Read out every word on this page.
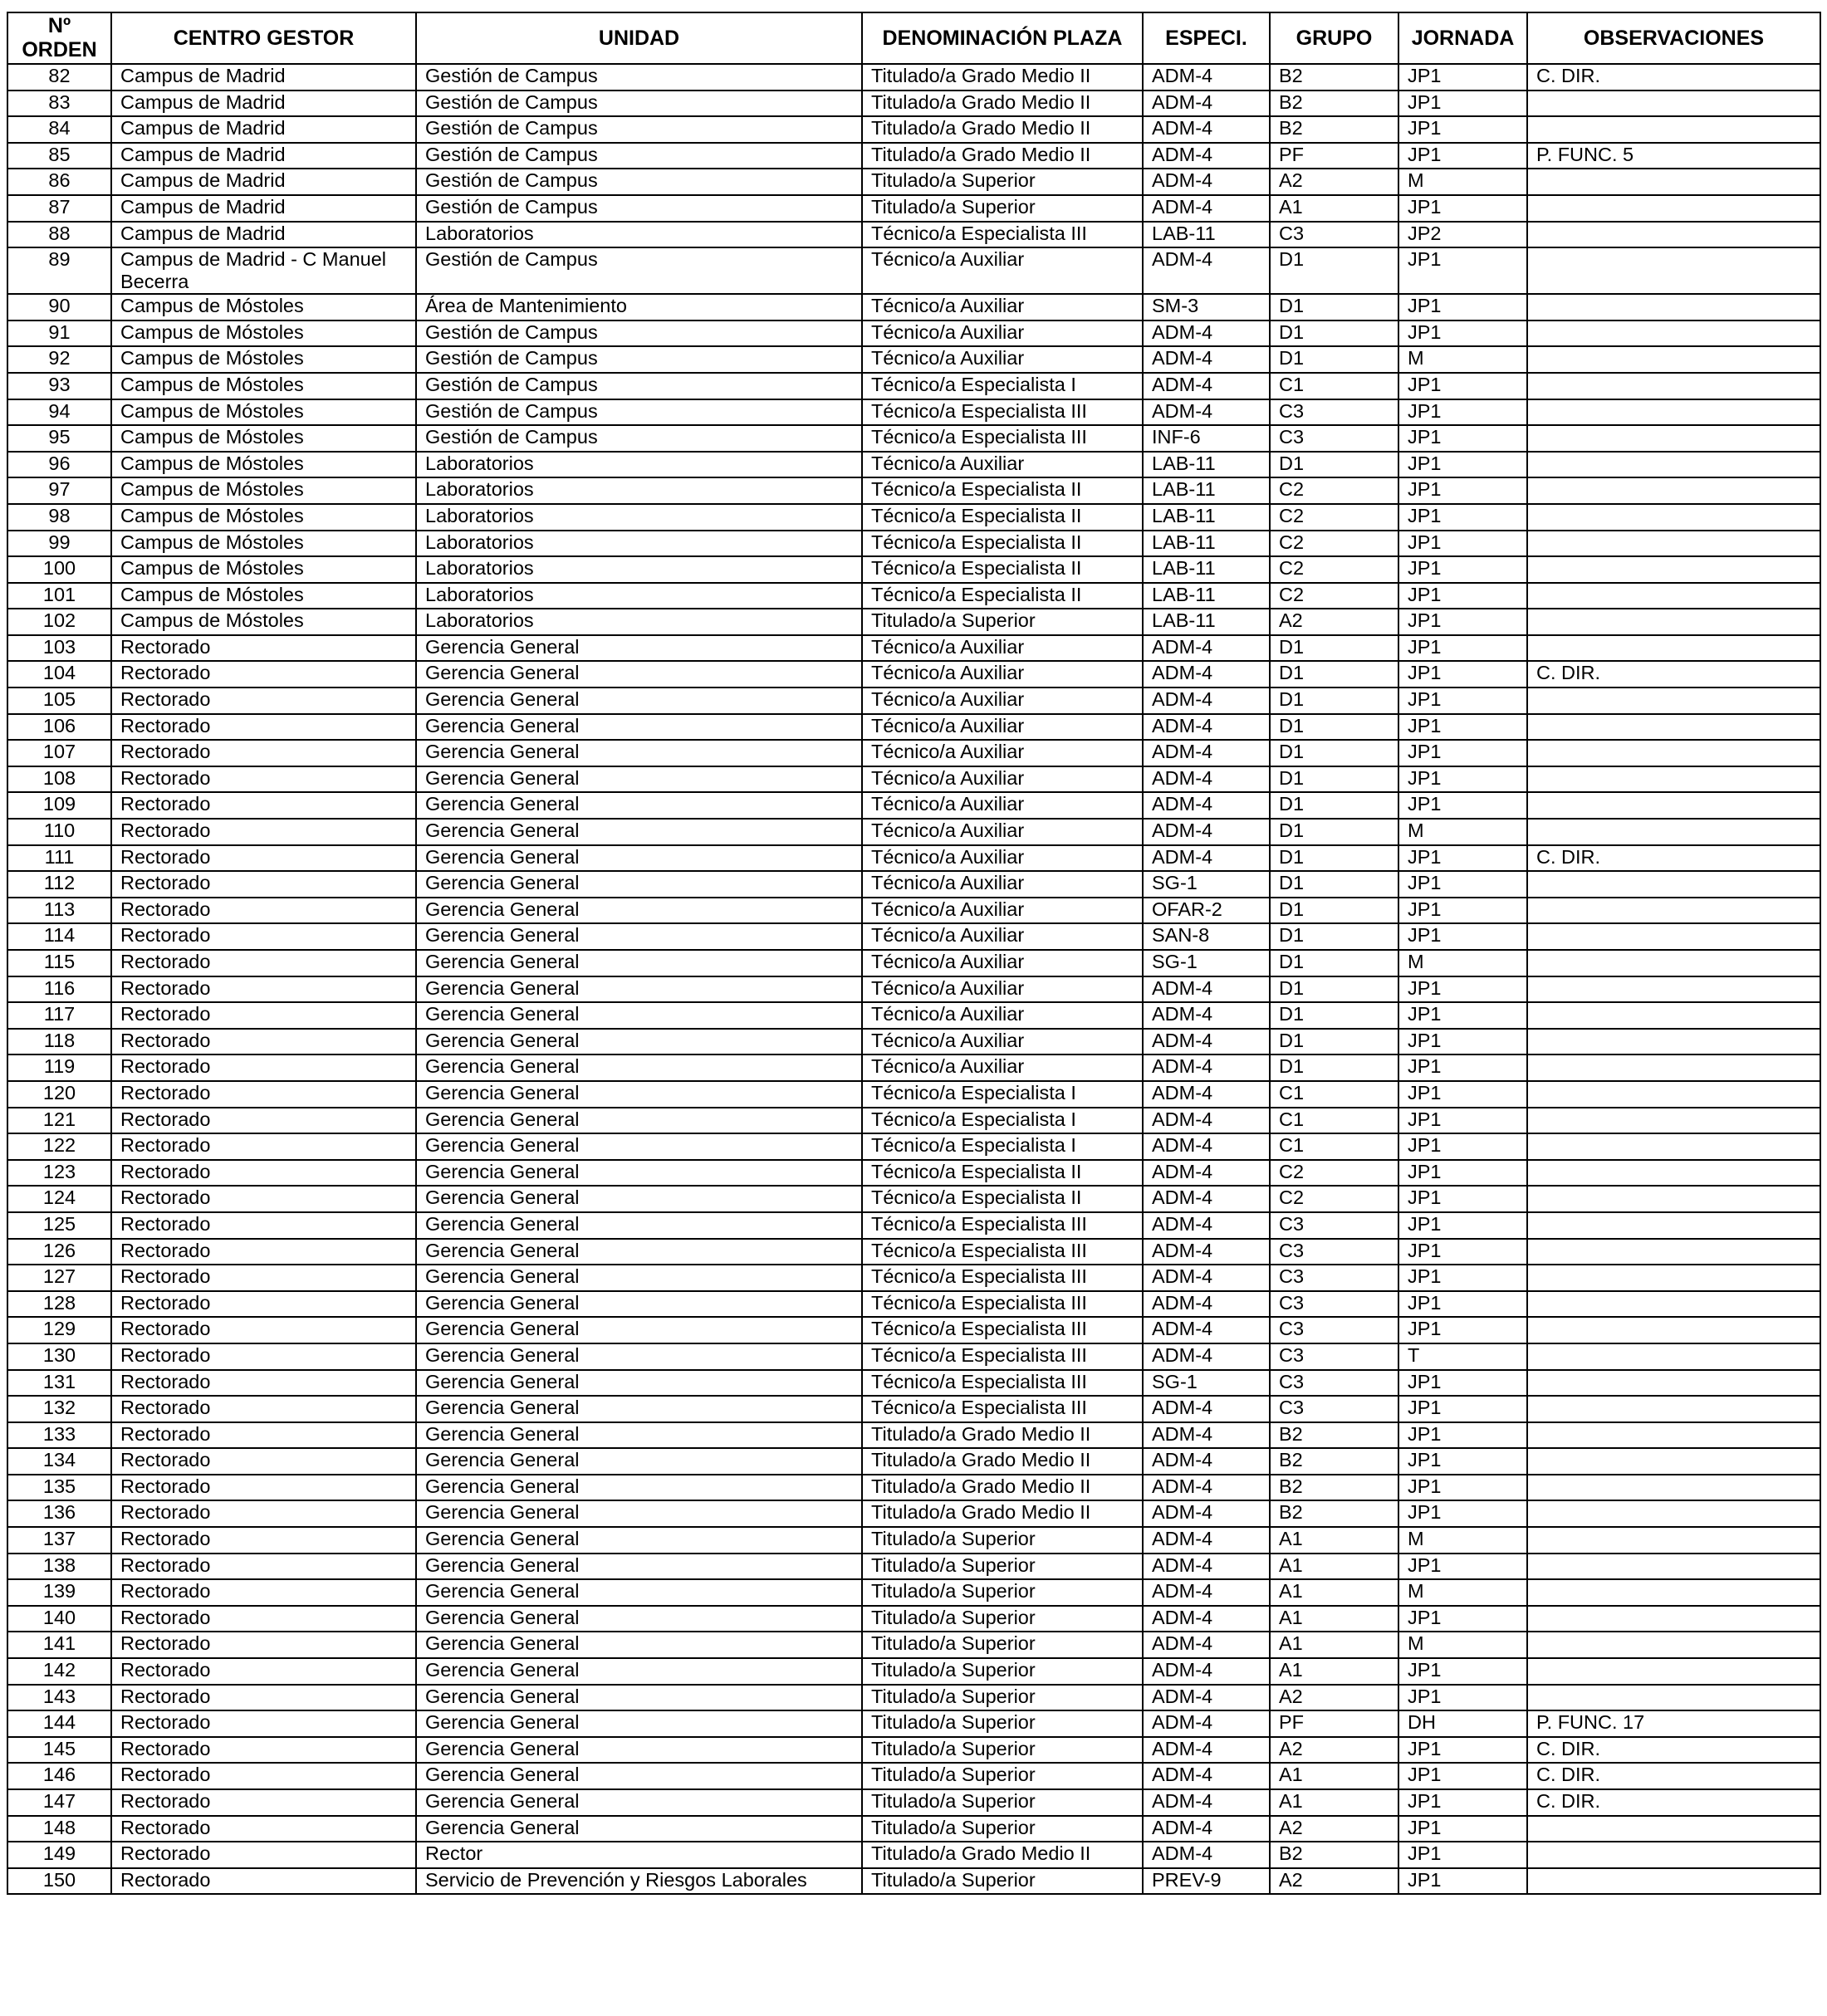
Nº ORDEN	CENTRO GESTOR	UNIDAD	DENOMINACIÓN PLAZA	ESPECI.	GRUPO	JORNADA	OBSERVACIONES
82	Campus de Madrid	Gestión de Campus	Titulado/a Grado Medio II	ADM-4	B2	JP1	C. DIR.
83	Campus de Madrid	Gestión de Campus	Titulado/a Grado Medio II	ADM-4	B2	JP1	
84	Campus de Madrid	Gestión de Campus	Titulado/a Grado Medio II	ADM-4	B2	JP1	
85	Campus de Madrid	Gestión de Campus	Titulado/a Grado Medio II	ADM-4	PF	JP1	P. FUNC. 5
86	Campus de Madrid	Gestión de Campus	Titulado/a Superior	ADM-4	A2	M	
87	Campus de Madrid	Gestión de Campus	Titulado/a Superior	ADM-4	A1	JP1	
88	Campus de Madrid	Laboratorios	Técnico/a Especialista III	LAB-11	C3	JP2	
89	Campus de Madrid - C Manuel Becerra	Gestión de Campus	Técnico/a Auxiliar	ADM-4	D1	JP1	
90	Campus de Móstoles	Área de Mantenimiento	Técnico/a Auxiliar	SM-3	D1	JP1	
91	Campus de Móstoles	Gestión de Campus	Técnico/a Auxiliar	ADM-4	D1	JP1	
92	Campus de Móstoles	Gestión de Campus	Técnico/a Auxiliar	ADM-4	D1	M	
93	Campus de Móstoles	Gestión de Campus	Técnico/a Especialista I	ADM-4	C1	JP1	
94	Campus de Móstoles	Gestión de Campus	Técnico/a Especialista III	ADM-4	C3	JP1	
95	Campus de Móstoles	Gestión de Campus	Técnico/a Especialista III	INF-6	C3	JP1	
96	Campus de Móstoles	Laboratorios	Técnico/a Auxiliar	LAB-11	D1	JP1	
97	Campus de Móstoles	Laboratorios	Técnico/a Especialista II	LAB-11	C2	JP1	
98	Campus de Móstoles	Laboratorios	Técnico/a Especialista II	LAB-11	C2	JP1	
99	Campus de Móstoles	Laboratorios	Técnico/a Especialista II	LAB-11	C2	JP1	
100	Campus de Móstoles	Laboratorios	Técnico/a Especialista II	LAB-11	C2	JP1	
101	Campus de Móstoles	Laboratorios	Técnico/a Especialista II	LAB-11	C2	JP1	
102	Campus de Móstoles	Laboratorios	Titulado/a Superior	LAB-11	A2	JP1	
103	Rectorado	Gerencia General	Técnico/a Auxiliar	ADM-4	D1	JP1	
104	Rectorado	Gerencia General	Técnico/a Auxiliar	ADM-4	D1	JP1	C. DIR.
105	Rectorado	Gerencia General	Técnico/a Auxiliar	ADM-4	D1	JP1	
106	Rectorado	Gerencia General	Técnico/a Auxiliar	ADM-4	D1	JP1	
107	Rectorado	Gerencia General	Técnico/a Auxiliar	ADM-4	D1	JP1	
108	Rectorado	Gerencia General	Técnico/a Auxiliar	ADM-4	D1	JP1	
109	Rectorado	Gerencia General	Técnico/a Auxiliar	ADM-4	D1	JP1	
110	Rectorado	Gerencia General	Técnico/a Auxiliar	ADM-4	D1	M	
111	Rectorado	Gerencia General	Técnico/a Auxiliar	ADM-4	D1	JP1	C. DIR.
112	Rectorado	Gerencia General	Técnico/a Auxiliar	SG-1	D1	JP1	
113	Rectorado	Gerencia General	Técnico/a Auxiliar	OFAR-2	D1	JP1	
114	Rectorado	Gerencia General	Técnico/a Auxiliar	SAN-8	D1	JP1	
115	Rectorado	Gerencia General	Técnico/a Auxiliar	SG-1	D1	M	
116	Rectorado	Gerencia General	Técnico/a Auxiliar	ADM-4	D1	JP1	
117	Rectorado	Gerencia General	Técnico/a Auxiliar	ADM-4	D1	JP1	
118	Rectorado	Gerencia General	Técnico/a Auxiliar	ADM-4	D1	JP1	
119	Rectorado	Gerencia General	Técnico/a Auxiliar	ADM-4	D1	JP1	
120	Rectorado	Gerencia General	Técnico/a Especialista I	ADM-4	C1	JP1	
121	Rectorado	Gerencia General	Técnico/a Especialista I	ADM-4	C1	JP1	
122	Rectorado	Gerencia General	Técnico/a Especialista I	ADM-4	C1	JP1	
123	Rectorado	Gerencia General	Técnico/a Especialista II	ADM-4	C2	JP1	
124	Rectorado	Gerencia General	Técnico/a Especialista II	ADM-4	C2	JP1	
125	Rectorado	Gerencia General	Técnico/a Especialista III	ADM-4	C3	JP1	
126	Rectorado	Gerencia General	Técnico/a Especialista III	ADM-4	C3	JP1	
127	Rectorado	Gerencia General	Técnico/a Especialista III	ADM-4	C3	JP1	
128	Rectorado	Gerencia General	Técnico/a Especialista III	ADM-4	C3	JP1	
129	Rectorado	Gerencia General	Técnico/a Especialista III	ADM-4	C3	JP1	
130	Rectorado	Gerencia General	Técnico/a Especialista III	ADM-4	C3	T	
131	Rectorado	Gerencia General	Técnico/a Especialista III	SG-1	C3	JP1	
132	Rectorado	Gerencia General	Técnico/a Especialista III	ADM-4	C3	JP1	
133	Rectorado	Gerencia General	Titulado/a Grado Medio II	ADM-4	B2	JP1	
134	Rectorado	Gerencia General	Titulado/a Grado Medio II	ADM-4	B2	JP1	
135	Rectorado	Gerencia General	Titulado/a Grado Medio II	ADM-4	B2	JP1	
136	Rectorado	Gerencia General	Titulado/a Grado Medio II	ADM-4	B2	JP1	
137	Rectorado	Gerencia General	Titulado/a Superior	ADM-4	A1	M	
138	Rectorado	Gerencia General	Titulado/a Superior	ADM-4	A1	JP1	
139	Rectorado	Gerencia General	Titulado/a Superior	ADM-4	A1	M	
140	Rectorado	Gerencia General	Titulado/a Superior	ADM-4	A1	JP1	
141	Rectorado	Gerencia General	Titulado/a Superior	ADM-4	A1	M	
142	Rectorado	Gerencia General	Titulado/a Superior	ADM-4	A1	JP1	
143	Rectorado	Gerencia General	Titulado/a Superior	ADM-4	A2	JP1	
144	Rectorado	Gerencia General	Titulado/a Superior	ADM-4	PF	DH	P. FUNC. 17
145	Rectorado	Gerencia General	Titulado/a Superior	ADM-4	A2	JP1	C. DIR.
146	Rectorado	Gerencia General	Titulado/a Superior	ADM-4	A1	JP1	C. DIR.
147	Rectorado	Gerencia General	Titulado/a Superior	ADM-4	A1	JP1	C. DIR.
148	Rectorado	Gerencia General	Titulado/a Superior	ADM-4	A2	JP1	
149	Rectorado	Rector	Titulado/a Grado Medio II	ADM-4	B2	JP1	
150	Rectorado	Servicio de Prevención y Riesgos Laborales	Titulado/a Superior	PREV-9	A2	JP1	
